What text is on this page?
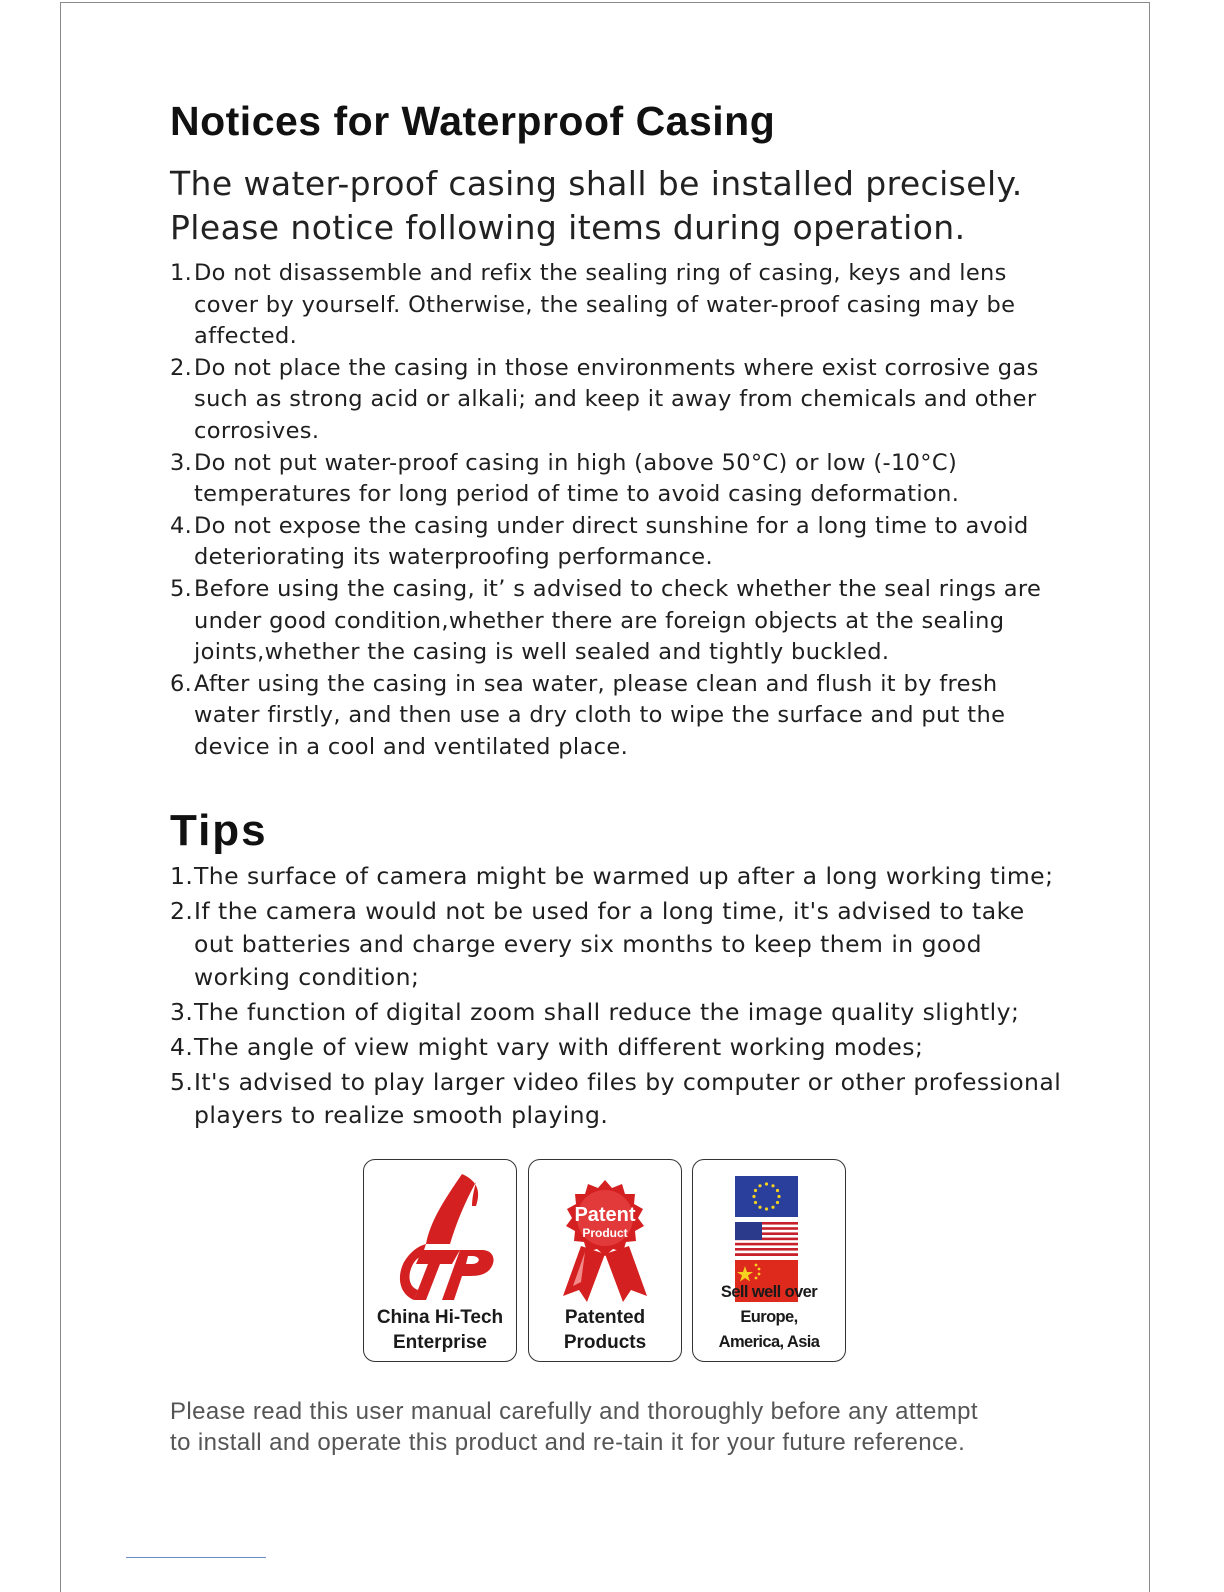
Notices for Waterproof Casing
The water-proof casing shall be installed precisely.
Please notice following items during operation.
1. Do not disassemble and refix the sealing ring of casing, keys and lens cover by yourself. Otherwise, the sealing of water-proof casing may be affected.
2. Do not place the casing in those environments where exist corrosive gas such as strong acid or alkali; and keep it away from chemicals and other corrosives.
3. Do not put water-proof casing in high (above 50°C) or low (-10°C) temperatures for long period of time to avoid casing deformation.
4. Do not expose the casing under direct sunshine for a long time to avoid deteriorating its waterproofing performance.
5. Before using the casing, it’ s advised to check whether the seal rings are under good condition,whether there are foreign objects at the sealing joints,whether the casing is well sealed and tightly buckled.
6. After using the casing in sea water, please clean and flush it by fresh water firstly, and then use a dry cloth to wipe the surface and put the device in a cool and ventilated place.
Tips
1. The surface of camera might be warmed up after a long working time;
2. If the camera would not be used for a long time, it's advised to take out batteries and charge every six months to keep them in good working condition;
3. The function of digital zoom shall reduce the image quality slightly;
4. The angle of view might vary with different working modes;
5. It's advised to play larger video files by computer or other professional players to realize smooth playing.
China Hi-Tech
Enterprise
Patent
Product
Patented
Products
Sell well over Europe,
America, Asia
Please read this user manual carefully and thoroughly before any attempt
to install and operate this product and re-tain it for your future reference.
